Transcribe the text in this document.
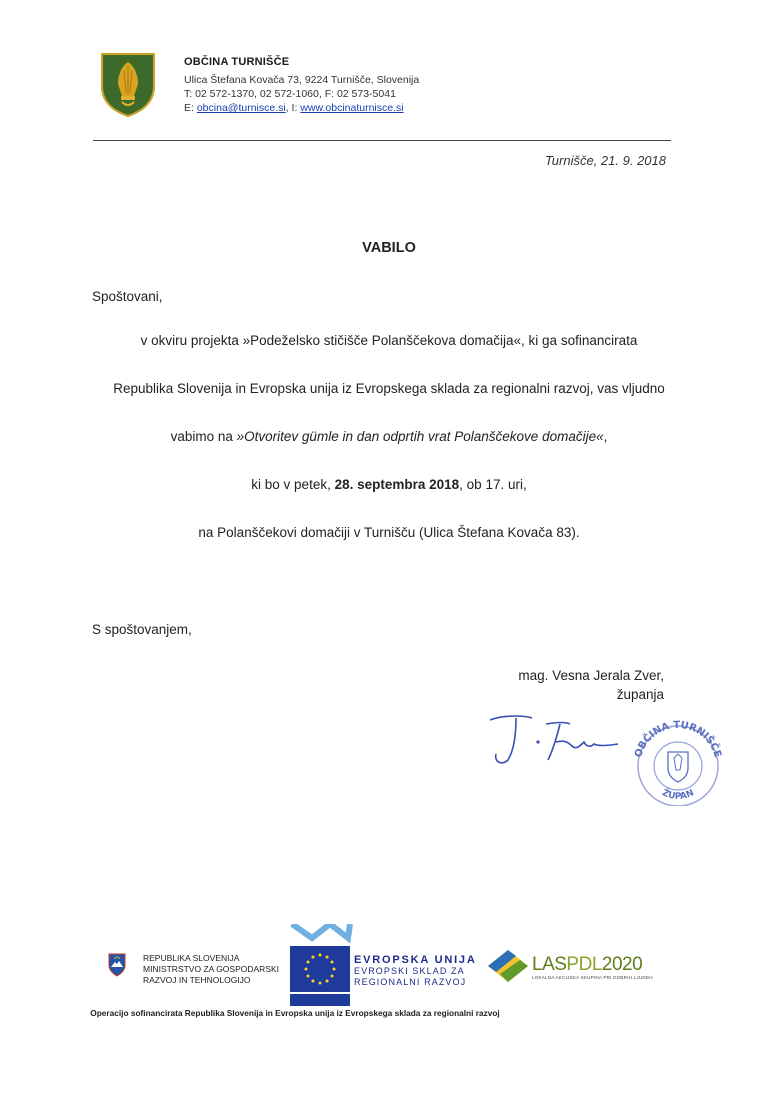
OBČINA TURNIŠČE
Ulica Štefana Kovača 73, 9224 Turnišče, Slovenija
T: 02 572-1370, 02 572-1060, F: 02 573-5041
E: obcina@turnisce.si, I: www.obcinaturnisce.si
Turnišče, 21. 9. 2018
VABILO
Spoštovani,
v okviru projekta »Podeželsko stičišče Polanščekova domačija«, ki ga sofinancirata
Republika Slovenija in Evropska unija iz Evropskega sklada za regionalni razvoj, vas vljudno
vabimo na »Otvoritev gümle in dan odprtih vrat Polanščekove domačije«,
ki bo v petek, 28. septembra 2018, ob 17. uri,
na Polanščekovi domačiji v Turnišču (Ulica Štefana Kovača 83).
S spoštovanjem,
mag. Vesna Jerala Zver,
županja
OBČINA TURNIŠČE
ŽUPAN
REPUBLIKA SLOVENIJA
MINISTRSTVO ZA GOSPODARSKI
RAZVOJ IN TEHNOLOGIJO
EVROPSKA UNIJA
EVROPSKI SKLAD ZA
REGIONALNI RAZVOJ
LASPDL2020
LOKALNA AKCIJSKA SKUPINA PRI DOBRIH LJUDEH
Operacijo sofinancirata Republika Slovenija in Evropska unija iz Evropskega sklada za regionalni razvoj
